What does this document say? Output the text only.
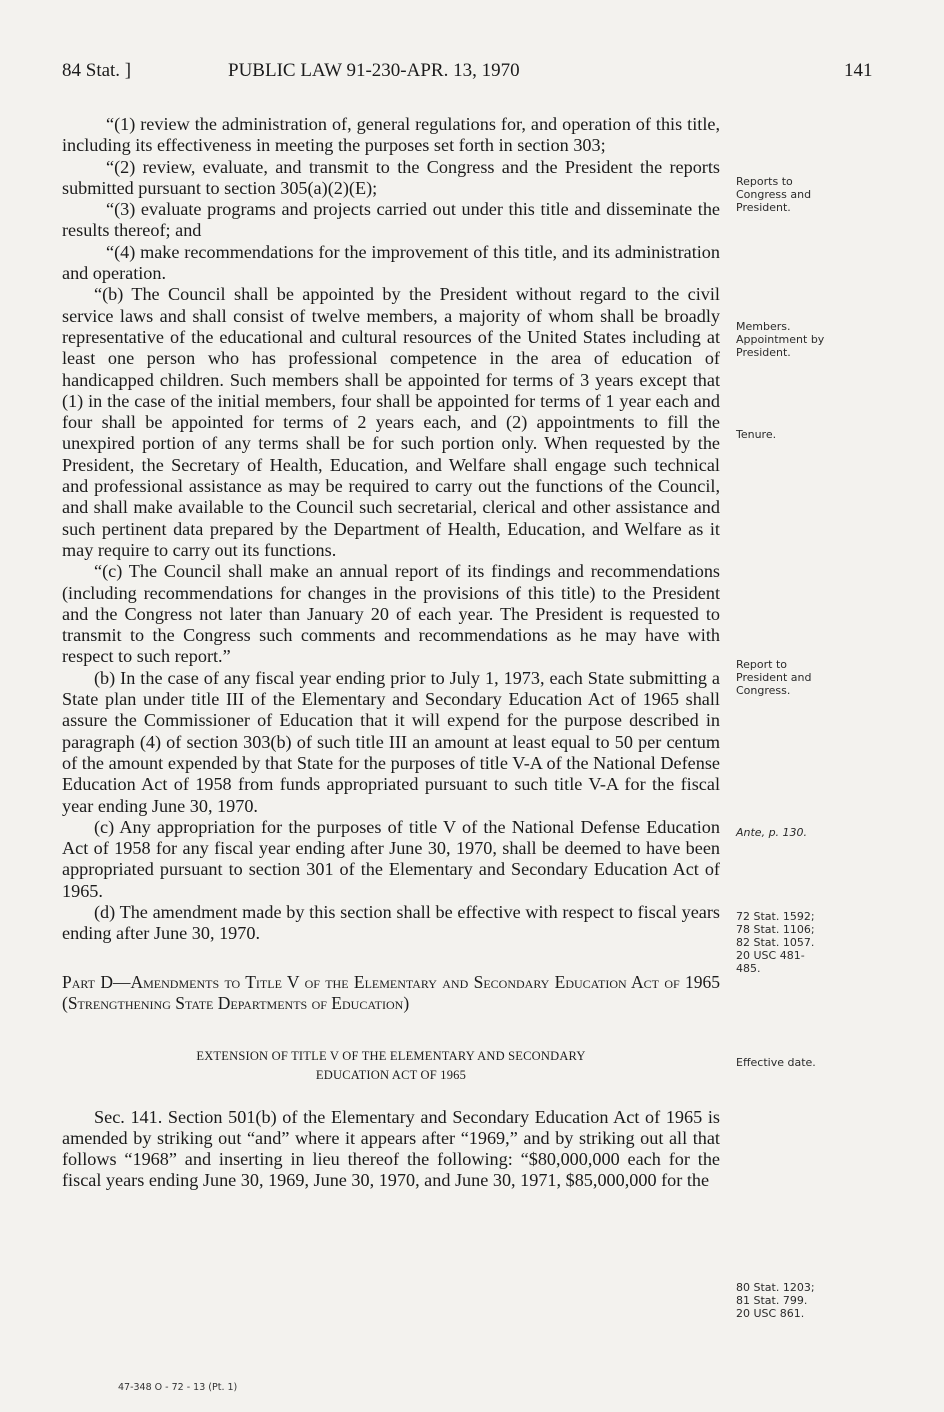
84 Stat. ]	PUBLIC LAW 91-230-APR. 13, 1970	141

“(1) review the administration of, general regulations for, and operation of this title, including its effectiveness in meeting the purposes set forth in section 303;

“(2) review, evaluate, and transmit to the Congress and the President the reports submitted pursuant to section 305(a)(2)(E);

“(3) evaluate programs and projects carried out under this title and disseminate the results thereof; and

“(4) make recommendations for the improvement of this title, and its administration and operation.

“(b) The Council shall be appointed by the President without regard to the civil service laws and shall consist of twelve members, a majority of whom shall be broadly representative of the educational and cultural resources of the United States including at least one person who has professional competence in the area of education of handicapped children. Such members shall be appointed for terms of 3 years except that (1) in the case of the initial members, four shall be appointed for terms of 1 year each and four shall be appointed for terms of 2 years each, and (2) appointments to fill the unexpired portion of any terms shall be for such portion only. When requested by the President, the Secretary of Health, Education, and Welfare shall engage such technical and professional assistance as may be required to carry out the functions of the Council, and shall make available to the Council such secretarial, clerical and other assistance and such pertinent data prepared by the Department of Health, Education, and Welfare as it may require to carry out its functions.

“(c) The Council shall make an annual report of its findings and recommendations (including recommendations for changes in the provisions of this title) to the President and the Congress not later than January 20 of each year. The President is requested to transmit to the Congress such comments and recommendations as he may have with respect to such report.”

(b) In the case of any fiscal year ending prior to July 1, 1973, each State submitting a State plan under title III of the Elementary and Secondary Education Act of 1965 shall assure the Commissioner of Education that it will expend for the purpose described in paragraph (4) of section 303(b) of such title III an amount at least equal to 50 per centum of the amount expended by that State for the purposes of title V-A of the National Defense Education Act of 1958 from funds appropriated pursuant to such title V-A for the fiscal year ending June 30, 1970.

(c) Any appropriation for the purposes of title V of the National Defense Education Act of 1958 for any fiscal year ending after June 30, 1970, shall be deemed to have been appropriated pursuant to section 301 of the Elementary and Secondary Education Act of 1965.

(d) The amendment made by this section shall be effective with respect to fiscal years ending after June 30, 1970.

Part D—Amendments to Title V of the Elementary and Secondary Education Act of 1965 (Strengthening State Departments of Education)

EXTENSION OF TITLE V OF THE ELEMENTARY AND SECONDARY
EDUCATION ACT OF 1965

Sec. 141. Section 501(b) of the Elementary and Secondary Education Act of 1965 is amended by striking out “and” where it appears after “1969,” and by striking out all that follows “1968” and inserting in lieu thereof the following: “$80,000,000 each for the fiscal years ending June 30, 1969, June 30, 1970, and June 30, 1971, $85,000,000 for the

Reports to
Congress and
President.
Members.
Appointment by
President.
Tenure.
Report to
President and
Congress.
Ante, p. 130.
72 Stat. 1592;
78 Stat. 1106;
82 Stat. 1057.
20 USC 481-
485.
Effective date.
80 Stat. 1203;
81 Stat. 799.
20 USC 861.
47-348 O - 72 - 13 (Pt. 1)
